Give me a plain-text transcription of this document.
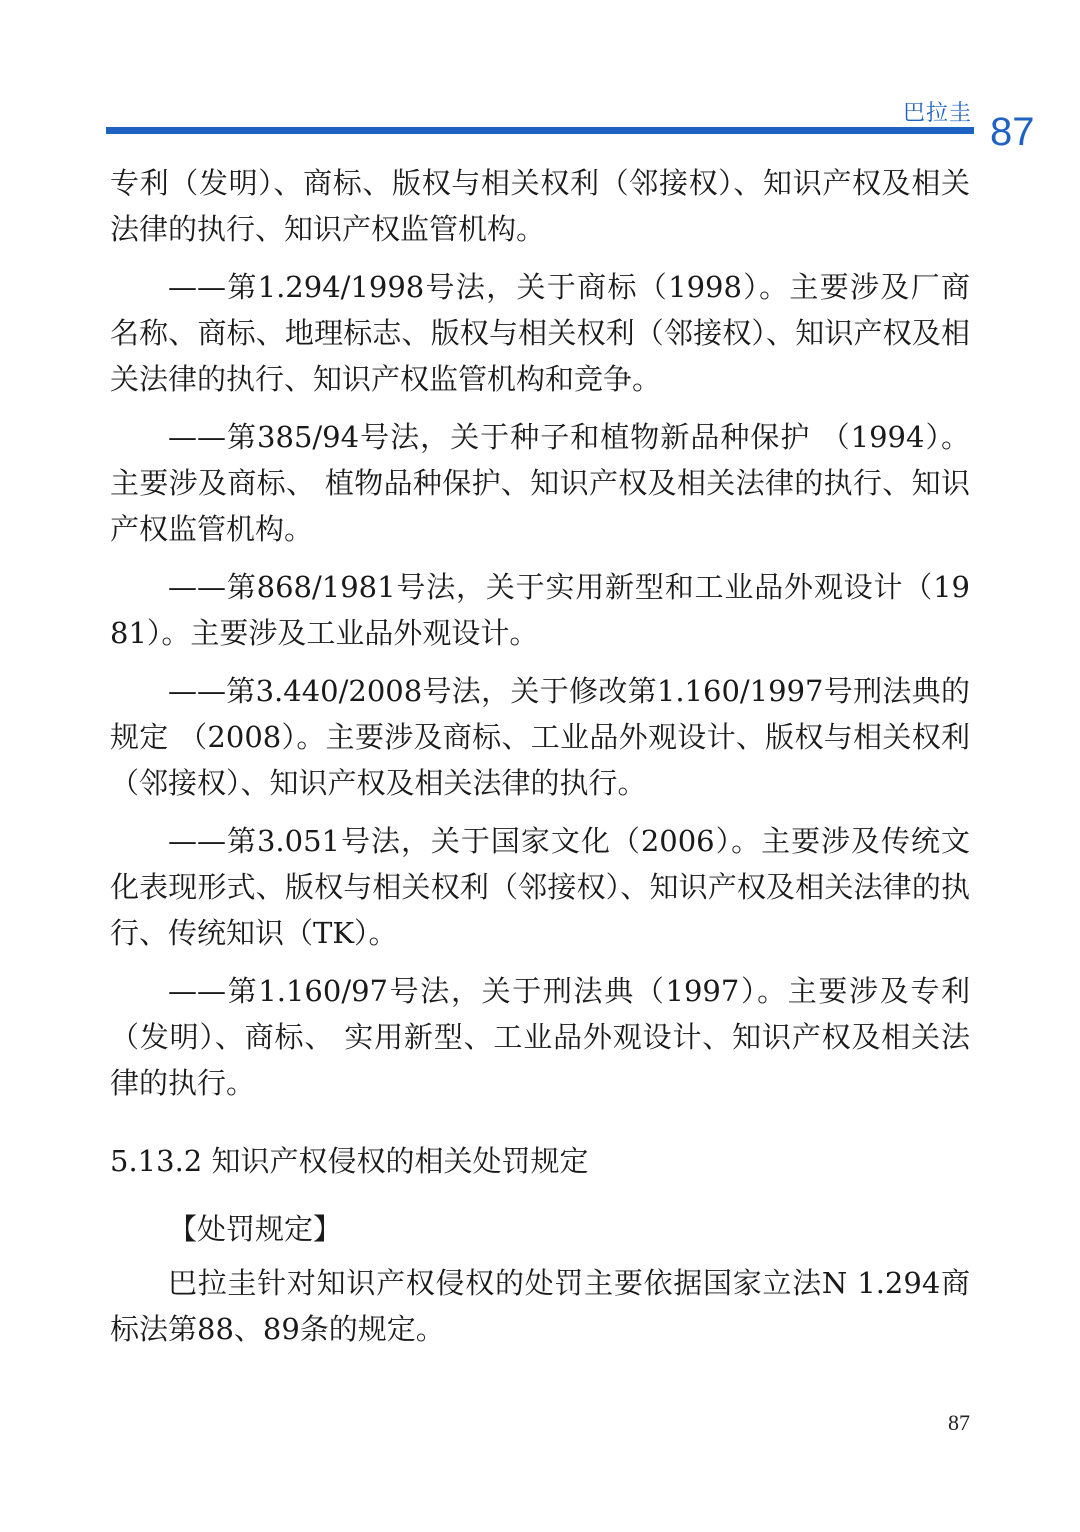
巴拉圭 87

专利（发明）、商标、版权与相关权利（邻接权）、知识产权及相关法律的执行、知识产权监管机构。

——第1.294/1998号法，关于商标（1998）。主要涉及厂商名称、商标、地理标志、版权与相关权利（邻接权）、知识产权及相关法律的执行、知识产权监管机构和竞争。

——第385/94号法，关于种子和植物新品种保护 （1994）。主要涉及商标、 植物品种保护、知识产权及相关法律的执行、知识产权监管机构。

——第868/1981号法，关于实用新型和工业品外观设计（1981）。主要涉及工业品外观设计。

——第3.440/2008号法，关于修改第1.160/1997号刑法典的规定 （2008）。主要涉及商标、工业品外观设计、版权与相关权利（邻接权）、知识产权及相关法律的执行。

——第3.051号法，关于国家文化（2006）。主要涉及传统文化表现形式、版权与相关权利（邻接权）、知识产权及相关法律的执行、传统知识（TK）。

——第1.160/97号法，关于刑法典（1997）。主要涉及专利（发明）、商标、 实用新型、工业品外观设计、知识产权及相关法律的执行。

5.13.2 知识产权侵权的相关处罚规定
【处罚规定】

巴拉圭针对知识产权侵权的处罚主要依据国家立法N 1.294商标法第88、89条的规定。

87
